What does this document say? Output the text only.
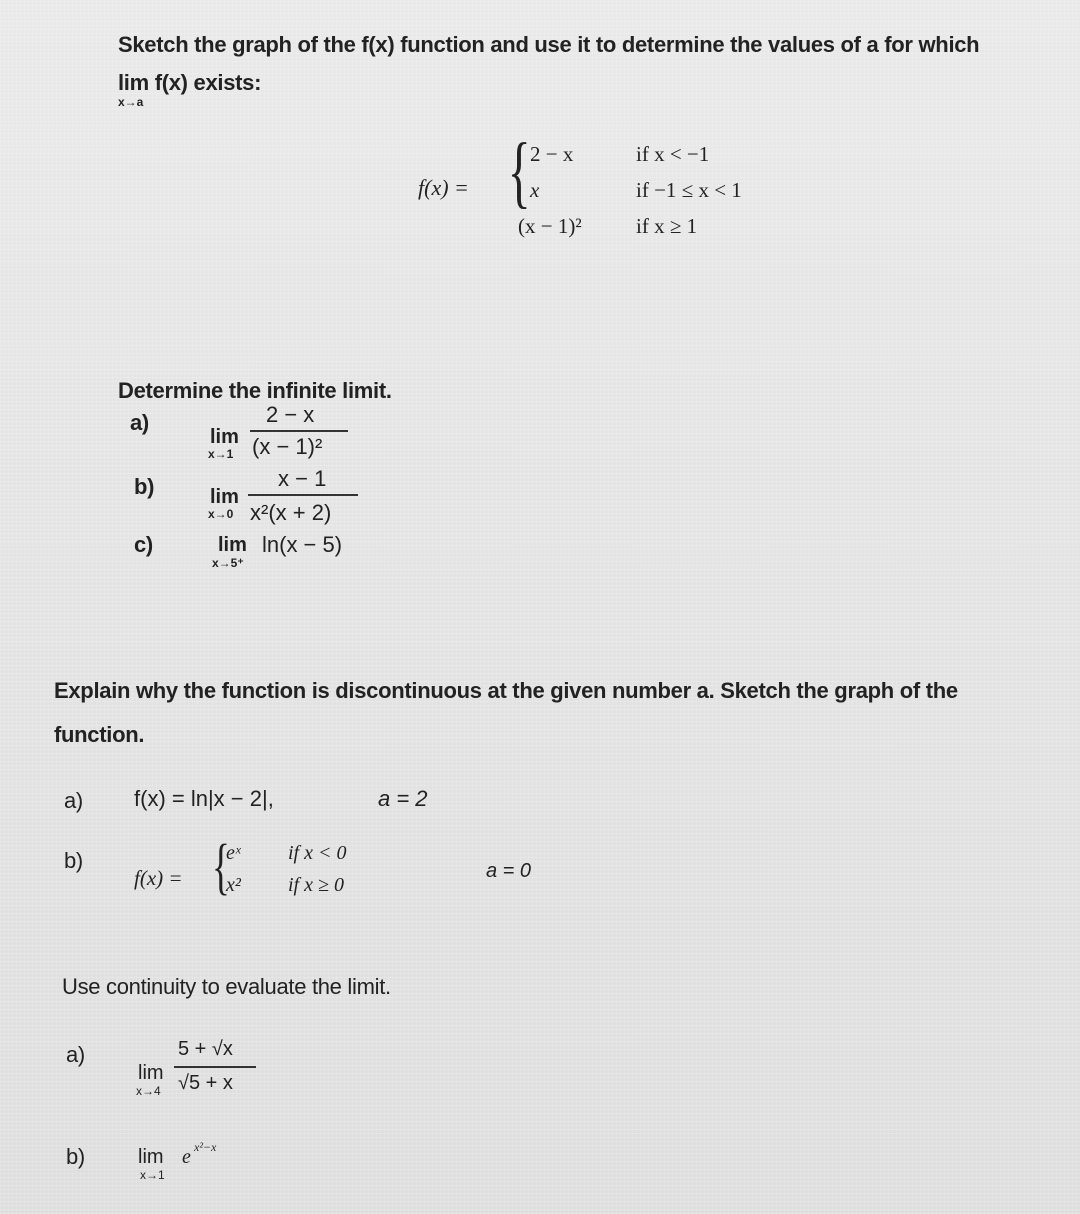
Sketch the graph of the f(x) function and use it to determine the values of a for which
lim f(x) exists:
x→a
f(x) = { 2 − x	if x < −1
x	if −1 ≤ x < 1
(x − 1)²	if x ≥ 1
Determine the infinite limit.
a)
lim
x→1
2 − x
(x − 1)²
b)	lim
x→0
x − 1
x²(x + 2)
c)	lim
x→5⁺
ln(x − 5)
Explain why the function is discontinuous at the given number a. Sketch the graph of the
function.
a) f(x) = ln|x − 2|,	a = 2
b)
f(x) = {
eˣ if x < 0
x² if x ≥ 0
a = 0
Use continuity to evaluate the limit.
a)
lim
x→4
5 + √x
√5 + x
b)	lim
x→1
e x²−x
